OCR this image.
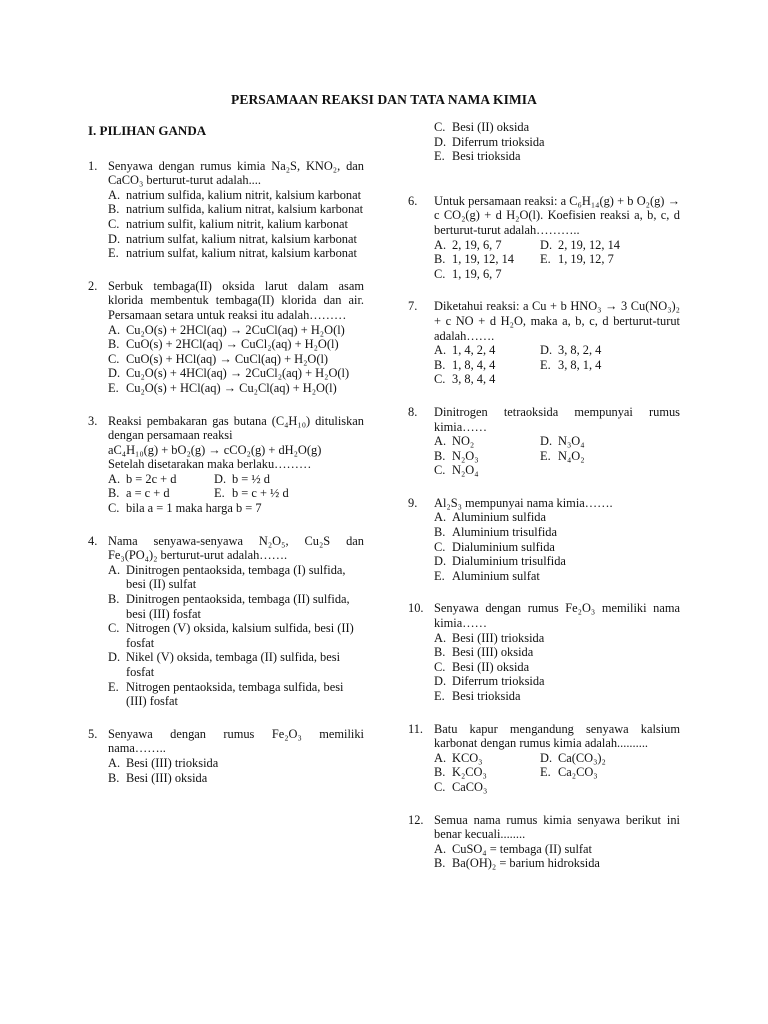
PERSAMAAN REAKSI DAN TATA NAMA KIMIA
I. PILIHAN GANDA
1. Senyawa dengan rumus kimia Na₂S, KNO₂, dan CaCO₃ berturut-turut adalah....
A. natrium sulfida, kalium nitrit, kalsium karbonat
B. natrium sulfida, kalium nitrat, kalsium karbonat
C. natrium sulfit, kalium nitrit, kalium karbonat
D. natrium sulfat, kalium nitrat, kalsium karbonat
E. natrium sulfat, kalium nitrat, kalsium karbonat
2. Serbuk tembaga(II) oksida larut dalam asam klorida membentuk tembaga(II) klorida dan air. Persamaan setara untuk reaksi itu adalah………
A. Cu₂O(s) + 2HCl(aq) → 2CuCl(aq) + H₂O(l)
B. CuO(s) + 2HCl(aq) → CuCl₂(aq) + H₂O(l)
C. CuO(s) + HCl(aq) → CuCl(aq) + H₂O(l)
D. Cu₂O(s) + 4HCl(aq) → 2CuCl₂(aq) + H₂O(l)
E. Cu₂O(s) + HCl(aq) → Cu₂Cl(aq) + H₂O(l)
3. Reaksi pembakaran gas butana (C₄H₁₀) dituliskan dengan persamaan reaksi
aC₄H₁₀(g) + bO₂(g) → cCO₂(g) + dH₂O(g)
Setelah disetarakan maka berlaku………
A. b = 2c + d	D. b = ½ d
B. a = c + d	E. b = c + ½ d
C. bila a = 1 maka harga b = 7
4. Nama senyawa-senyawa N₂O₅, Cu₂S dan Fe₃(PO₄)₂ berturut-urut adalah…….
A. Dinitrogen pentaoksida, tembaga (I) sulfida, besi (II) sulfat
B. Dinitrogen pentaoksida, tembaga (II) sulfida, besi (III) fosfat
C. Nitrogen (V) oksida, kalsium sulfida, besi (II) fosfat
D. Nikel (V) oksida, tembaga (II) sulfida, besi fosfat
E. Nitrogen pentaoksida, tembaga sulfida, besi (III) fosfat
5. Senyawa dengan rumus Fe₂O₃ memiliki nama……..
A. Besi (III) trioksida
B. Besi (III) oksida
C. Besi (II) oksida
D. Diferrum trioksida
E. Besi trioksida
6.	Untuk persamaan reaksi: a C₆H₁₄(g) + b O₂(g) → c CO₂(g) + d H₂O(l). Koefisien reaksi a, b, c, d berturut-turut adalah………..
A. 2, 19, 6, 7	D. 2, 19, 12, 14
B. 1, 19, 12, 14	E. 1, 19, 12, 7
C. 1, 19, 6, 7
7.	Diketahui reaksi: a Cu + b HNO₃ → 3 Cu(NO₃)₂ + c NO + d H₂O, maka a, b, c, d berturut-turut adalah…….
A. 1, 4, 2, 4	D. 3, 8, 2, 4
B. 1, 8, 4, 4	E. 3, 8, 1, 4
C. 3, 8, 4, 4
8.	Dinitrogen tetraoksida mempunyai rumus kimia……
A. NO₂	D. N₃O₄
B. N₂O₃	E. N₄O₂
C. N₂O₄
9.	Al₂S₃ mempunyai nama kimia…….
A. Aluminium sulfida
B. Aluminium trisulfida
C. Dialuminium sulfida
D. Dialuminium trisulfida
E. Aluminium sulfat
10. Senyawa dengan rumus Fe₂O₃ memiliki nama kimia……
A. Besi (III) trioksida
B. Besi (III) oksida
C. Besi (II) oksida
D. Diferrum trioksida
E. Besi trioksida
11. Batu kapur mengandung senyawa kalsium karbonat dengan rumus kimia adalah..........
A. KCO₃	D. Ca(CO₃)₂
B. K₂CO₃	E. Ca₂CO₃
C. CaCO₃
12. Semua nama rumus kimia senyawa berikut ini benar kecuali........
A. CuSO₄ = tembaga (II) sulfat
B. Ba(OH)₂ = barium hidroksida
